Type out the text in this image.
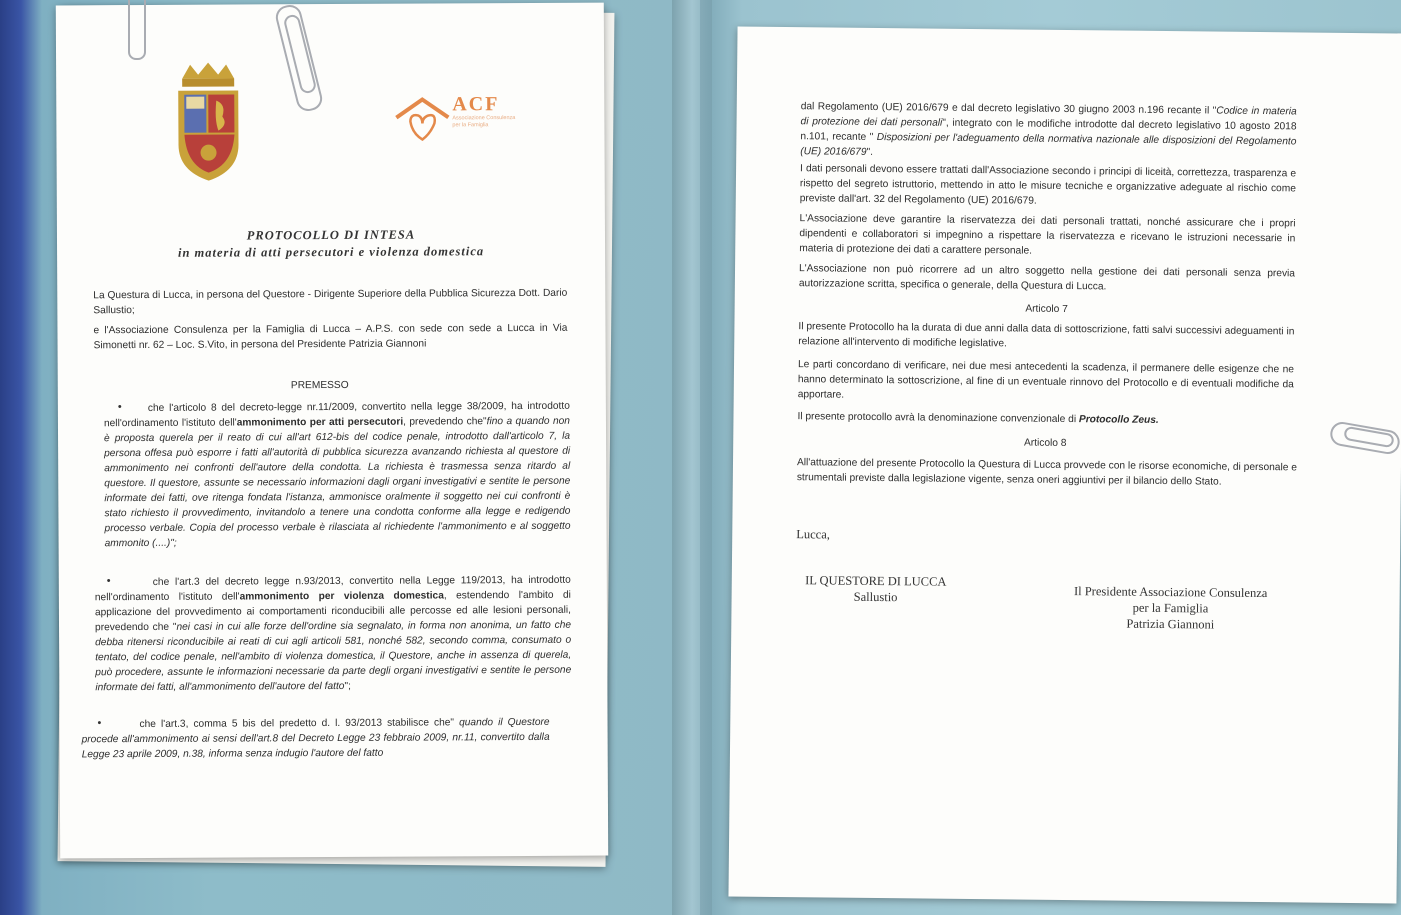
ACF
Associazione Consulenza per la Famiglia
PROTOCOLLO DI INTESA
in materia di atti persecutori e violenza domestica
La Questura di Lucca, in persona del Questore - Dirigente Superiore della Pubblica Sicurezza Dott. Dario Sallustio;
e l'Associazione Consulenza per la Famiglia di Lucca – A.P.S. con sede con sede a Lucca in Via Simonetti nr. 62 – Loc. S.Vito, in persona del Presidente Patrizia Giannoni
PREMESSO
•	che l'articolo 8 del decreto-legge nr.11/2009, convertito nella legge 38/2009, ha introdotto nell'ordinamento l'istituto dell'ammonimento per atti persecutori, prevedendo che"fino a quando non è proposta querela per il reato di cui all'art 612-bis del codice penale, introdotto dall'articolo 7, la persona offesa può esporre i fatti all'autorità di pubblica sicurezza avanzando richiesta al questore di ammonimento nei confronti dell'autore della condotta. La richiesta è trasmessa senza ritardo al questore. Il questore, assunte se necessario informazioni dagli organi investigativi e sentite le persone informate dei fatti, ove ritenga fondata l'istanza, ammonisce oralmente il soggetto nei cui confronti è stato richiesto il provvedimento, invitandolo a tenere una condotta conforme alla legge e redigendo processo verbale. Copia del processo verbale è rilasciata al richiedente l'ammonimento e al soggetto ammonito (....)";
•	che l'art.3 del decreto legge n.93/2013, convertito nella Legge 119/2013, ha introdotto nell'ordinamento l'istituto dell'ammonimento per violenza domestica, estendendo l'ambito di applicazione del provvedimento ai comportamenti riconducibili alle percosse ed alle lesioni personali, prevedendo che "nei casi in cui alle forze dell'ordine sia segnalato, in forma non anonima, un fatto che debba ritenersi riconducibile ai reati di cui agli articoli 581, nonché 582, secondo comma, consumato o tentato, del codice penale, nell'ambito di violenza domestica, il Questore, anche in assenza di querela, può procedere, assunte le informazioni necessarie da parte degli organi investigativi e sentite le persone informate dei fatti, all'ammonimento dell'autore del fatto";
•	che l'art.3, comma 5 bis del predetto d. l. 93/2013 stabilisce che" quando il Questore procede all'ammonimento ai sensi dell'art.8 del Decreto Legge 23 febbraio 2009, nr.11, convertito dalla Legge 23 aprile 2009, n.38, informa senza indugio l'autore del fatto
dal Regolamento (UE) 2016/679 e dal decreto legislativo 30 giugno 2003 n.196 recante il "Codice in materia di protezione dei dati personali", integrato con le modifiche introdotte dal decreto legislativo 10 agosto 2018 n.101, recante " Disposizioni per l'adeguamento della normativa nazionale alle disposizioni del Regolamento (UE) 2016/679".
I dati personali devono essere trattati dall'Associazione secondo i principi di liceità, correttezza, trasparenza e rispetto del segreto istruttorio, mettendo in atto le misure tecniche e organizzative adeguate al rischio come previste dall'art. 32 del Regolamento (UE) 2016/679.
L'Associazione deve garantire la riservatezza dei dati personali trattati, nonché assicurare che i propri dipendenti e collaboratori si impegnino a rispettare la riservatezza e ricevano le istruzioni necessarie in materia di protezione dei dati a carattere personale.
L'Associazione non può ricorrere ad un altro soggetto nella gestione dei dati personali senza previa autorizzazione scritta, specifica o generale, della Questura di Lucca.
Articolo 7
Il presente Protocollo ha la durata di due anni dalla data di sottoscrizione, fatti salvi successivi adeguamenti in relazione all'intervento di modifiche legislative.
Le parti concordano di verificare, nei due mesi antecedenti la scadenza, il permanere delle esigenze che ne hanno determinato la sottoscrizione, al fine di un eventuale rinnovo del Protocollo e di eventuali modifiche da apportare.
Il presente protocollo avrà la denominazione convenzionale di Protocollo Zeus.
Articolo 8
All'attuazione del presente Protocollo la Questura di Lucca provvede con le risorse economiche, di personale e strumentali previste dalla legislazione vigente, senza oneri aggiuntivi per il bilancio dello Stato.
Lucca,
IL QUESTORE DI LUCCA
Sallustio	Il Presidente Associazione Consulenza
per la Famiglia
Patrizia Giannoni
